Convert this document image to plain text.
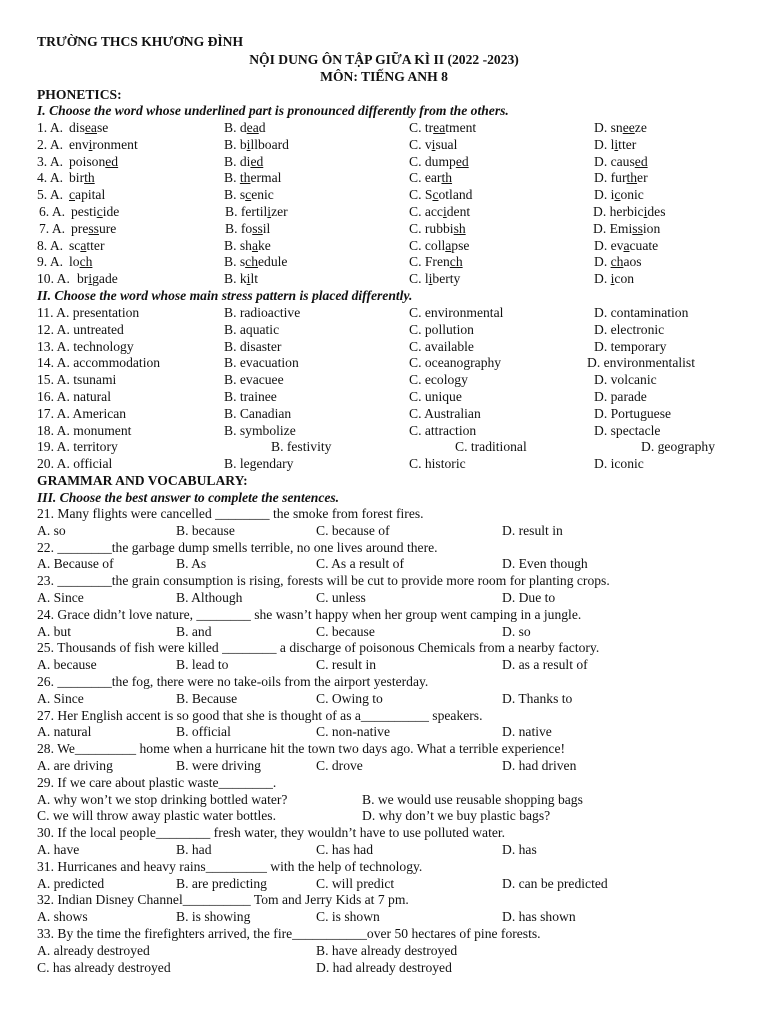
TRƯỜNG THCS KHƯƠNG ĐÌNH
NỘI DUNG ÔN TẬP GIỮA KÌ II (2022 -2023)
MÔN: TIẾNG ANH 8
PHONETICS:
I. Choose the word whose underlined part is pronounced differently from the others.
1. A. disease	B. dead	C. treatment	D. sneeze
2. A. environment	B. billboard	C. visual	D. litter
3. A. poisoned	B. died	C. dumped	D. caused
4. A. birth	B. thermal	C. earth	D. further
5. A. capital	B. scenic	C. Scotland	D. iconic
6. A. pesticide	B. fertilizer	C. accident	D. herbicides
7. A. pressure	B. fossil	C. rubbish	D. Emission
8. A. scatter	B. shake	C. collapse	D. evacuate
9. A. loch	B. schedule	C. French	D. chaos
10. A. brigade	B. kilt	C. liberty	D. icon
II. Choose the word whose main stress pattern is placed differently.
11. A. presentation	B. radioactive	C. environmental	D. contamination
12. A. untreated	B. aquatic	C. pollution	D. electronic
13. A. technology	B. disaster	C. available	D. temporary
14. A. accommodation	B. evacuation	C. oceanography	D. environmentalist
15. A. tsunami	B. evacuee	C. ecology	D. volcanic
16. A. natural	B. trainee	C. unique	D. parade
17. A. American	B. Canadian	C. Australian	D. Portuguese
18. A. monument	B. symbolize	C. attraction	D. spectacle
19. A. territory	B. festivity	C. traditional	D. geography
20. A. official	B. legendary	C. historic	D. iconic
GRAMMAR AND VOCABULARY:
III. Choose the best answer to complete the sentences.
21. Many flights were cancelled ________ the smoke from forest fires.
A. so	B. because	C. because of	D. result in
22. ________the garbage dump smells terrible, no one lives around there.
A. Because of	B. As	C. As a result of	D. Even though
23. ________the grain consumption is rising, forests will be cut to provide more room for planting crops.
A. Since	B. Although	C. unless	D. Due to
24. Grace didn’t love nature, ________ she wasn’t happy when her group went camping in a jungle.
A. but	B. and	C. because	D. so
25. Thousands of fish were killed ________ a discharge of poisonous Chemicals from a nearby factory.
A. because	B. lead to	C. result in	D. as a result of
26. ________the fog, there were no take-oils from the airport yesterday.
A. Since	B. Because	C. Owing to	D. Thanks to
27. Her English accent is so good that she is thought of as a__________ speakers.
A. natural	B. official	C. non-native	D. native
28. We_________ home when a hurricane hit the town two days ago. What a terrible experience!
A. are driving	B. were driving	C. drove	D. had driven
29. If we care about plastic waste________.
A. why won’t we stop drinking bottled water?	B. we would use reusable shopping bags
C. we will throw away plastic water bottles.	D. why don’t we buy plastic bags?
30. If the local people________ fresh water, they wouldn’t have to use polluted water.
A. have	B. had	C. has had	D. has
31. Hurricanes and heavy rains_________ with the help of technology.
A. predicted	B. are predicting	C. will predict	D. can be predicted
32. Indian Disney Channel__________ Tom and Jerry Kids at 7 pm.
A. shows	B. is showing	C. is shown	D. has shown
33. By the time the firefighters arrived, the fire___________over 50 hectares of pine forests.
A. already destroyed	B. have already destroyed
C. has already destroyed	D. had already destroyed
